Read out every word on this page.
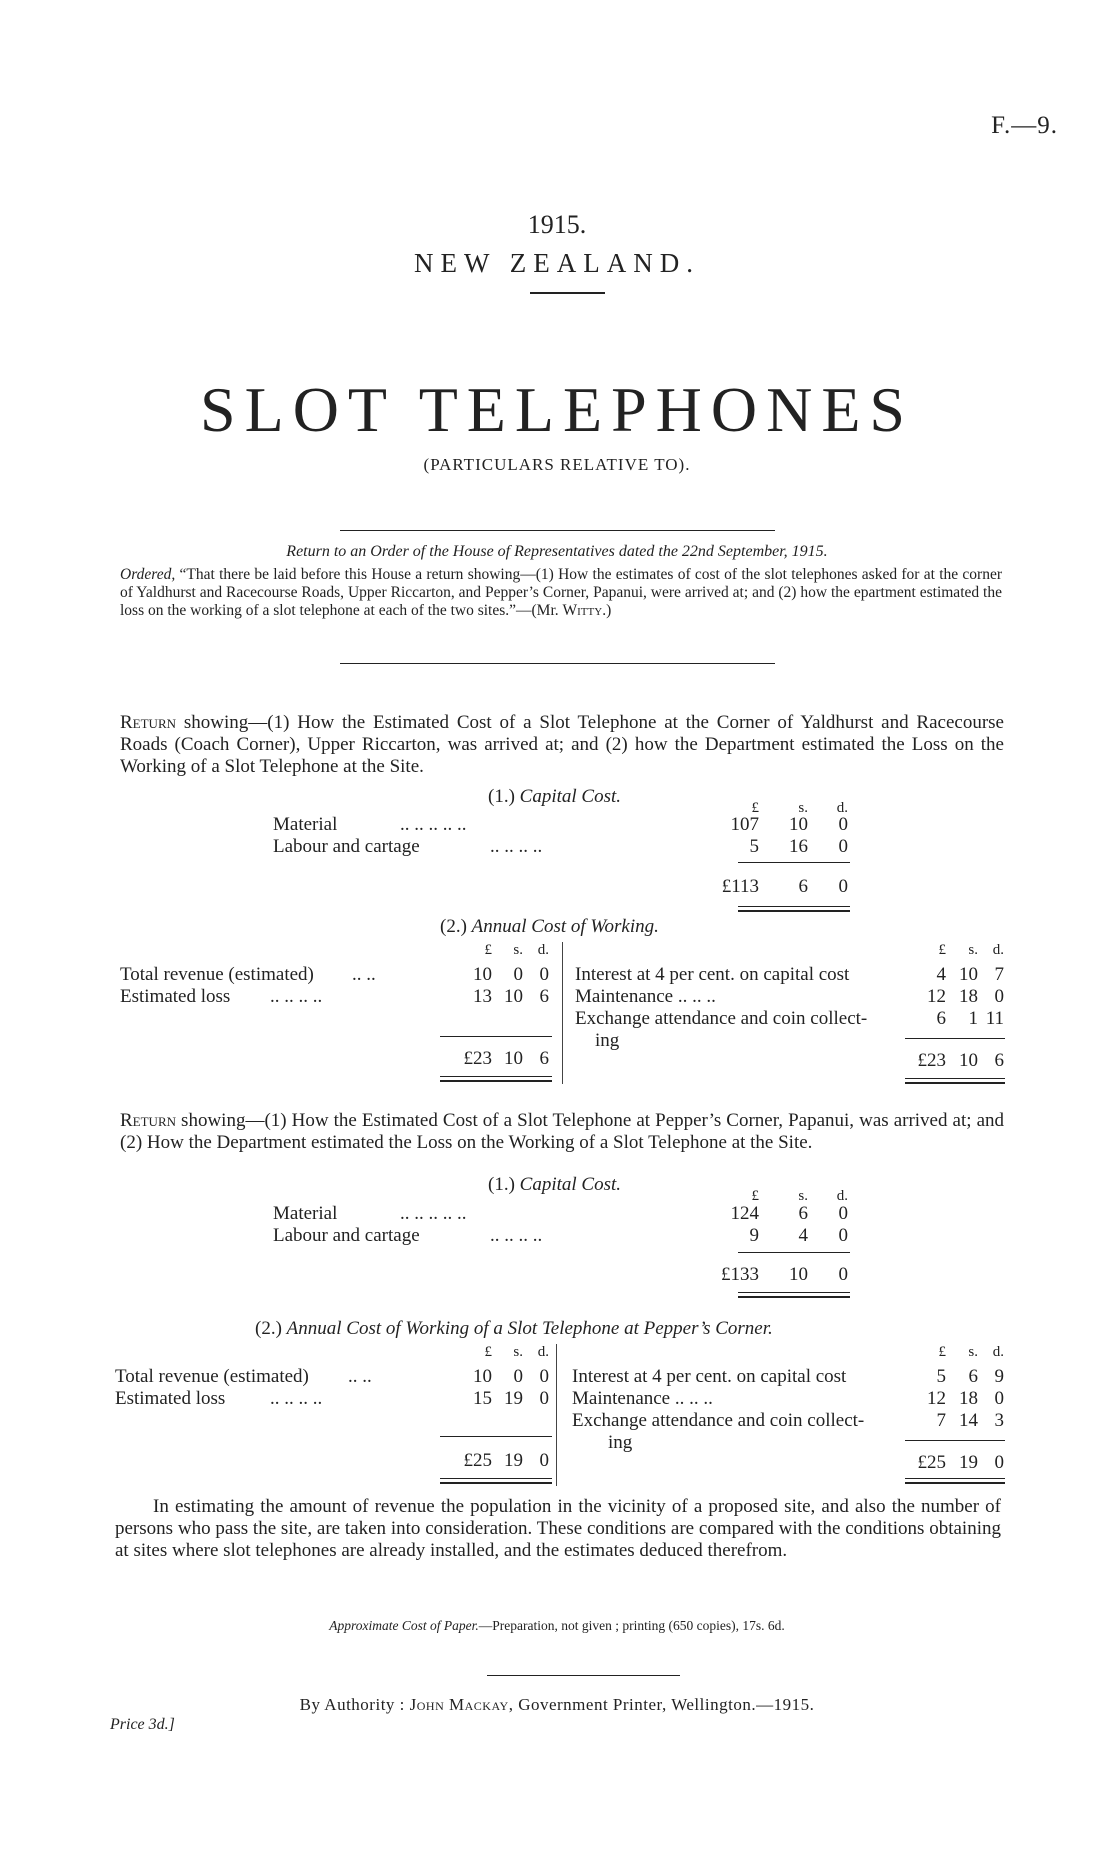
F.—9.
1915.
NEW ZEALAND.
SLOT TELEPHONES
(PARTICULARS RELATIVE TO).
Return to an Order of the House of Representatives dated the 22nd September, 1915.
Ordered, “That there be laid before this House a return showing—(1) How the estimates of cost of the slot telephones asked for at the corner of Yaldhurst and Racecourse Roads, Upper Riccarton, and Pepper’s Corner, Papanui, were arrived at; and (2) how the epartment estimated the loss on the working of a slot telephone at each of the two sites.”—(Mr. Witty.)
Return showing—(1) How the Estimated Cost of a Slot Telephone at the Corner of Yaldhurst and Racecourse Roads (Coach Corner), Upper Riccarton, was arrived at; and (2) how the Department estimated the Loss on the Working of a Slot Telephone at the Site.
(1.) Capital Cost.
£	s.	d.
Material	.. .. .. .. ..	107	10	0
Labour and cartage	.. .. .. ..	5	16	0
£113	6	0
(2.) Annual Cost of Working.
£	s. d.	£	s. d.
Total revenue (estimated) .. ..	10	0 0
Estimated loss .. .. .. ..	13 10 6
£23 10 6
Interest at 4 per cent. on capital cost	4 10 7
Maintenance .. .. ..	12 18 0
Exchange attendance and coin collect-
ing
6	1 11
£23 10 6
Return showing—(1) How the Estimated Cost of a Slot Telephone at Pepper’s Corner, Papanui, was arrived at; and (2) How the Department estimated the Loss on the Working of a Slot Telephone at the Site.
(1.) Capital Cost.
£	s.	d.
Material	.. .. .. .. ..	124	6	0
Labour and cartage	.. .. .. ..	9	4	0
£133	10	0
(2.) Annual Cost of Working of a Slot Telephone at Pepper’s Corner.
£	s. d.	£	s. d.
Total revenue (estimated) .. ..	10	0 0
Estimated loss .. .. .. ..	15 19 0
£25 19 0
Interest at 4 per cent. on capital cost	5	6 9
Maintenance .. .. ..	12 18 0
Exchange attendance and coin collect-
ing
7 14 3
£25 19 0
In estimating the amount of revenue the population in the vicinity of a proposed site, and also the number of persons who pass the site, are taken into consideration. These conditions are compared with the conditions obtaining at sites where slot telephones are already installed, and the estimates deduced therefrom.
Approximate Cost of Paper.—Preparation, not given ; printing (650 copies), 17s. 6d.
By Authority : John Mackay, Government Printer, Wellington.—1915.
Price 3d.]
